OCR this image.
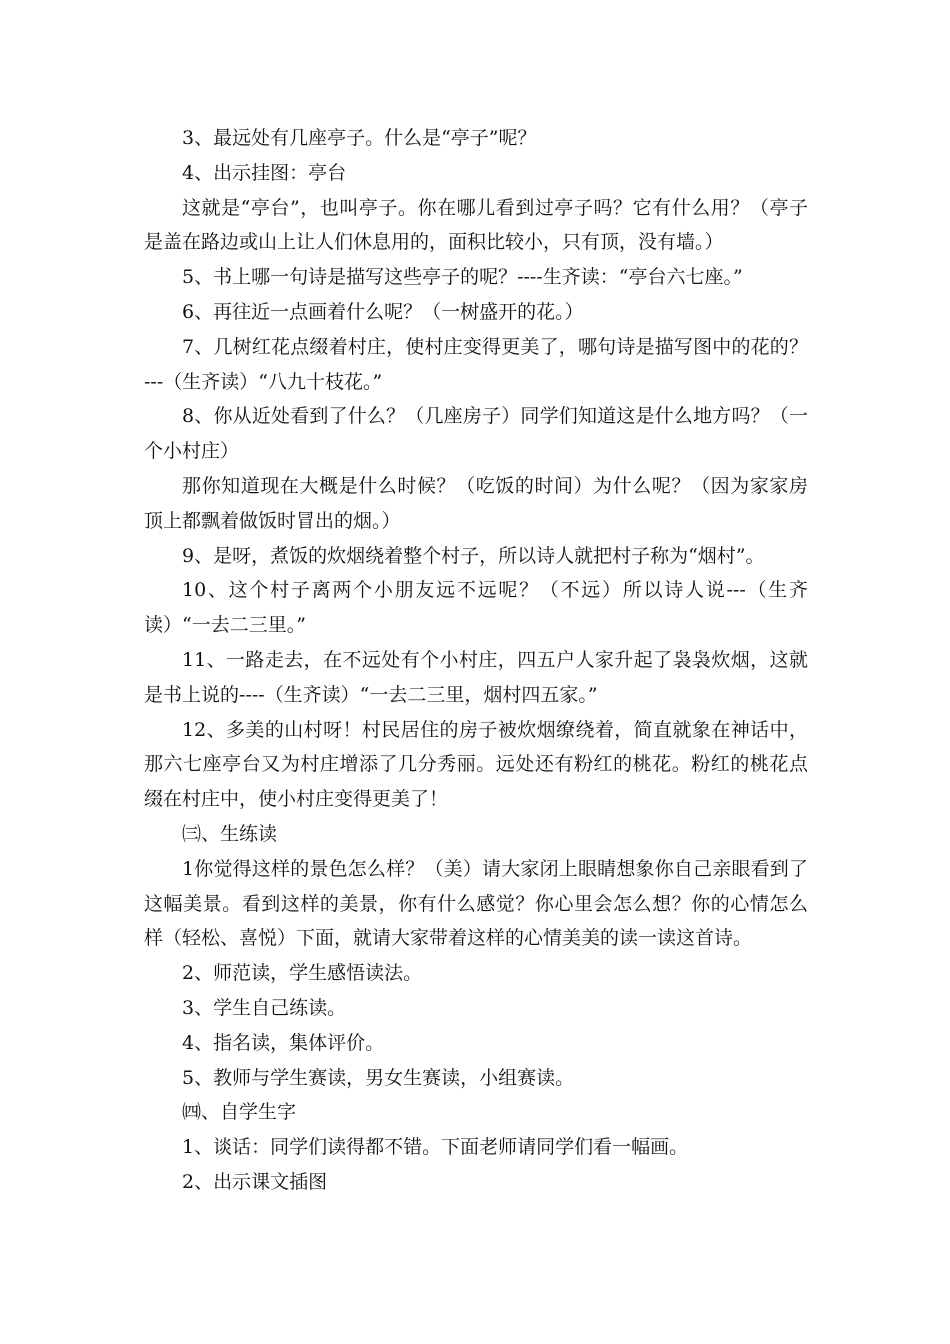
3、最远处有几座亭子。什么是“亭子”呢？

4、出示挂图：亭台

这就是“亭台”，也叫亭子。你在哪儿看到过亭子吗？它有什么用？（亭子是盖在路边或山上让人们休息用的，面积比较小，只有顶，没有墙。）

5、书上哪一句诗是描写这些亭子的呢？----生齐读：“亭台六七座。”

6、再往近一点画着什么呢？（一树盛开的花。）

7、几树红花点缀着村庄，使村庄变得更美了，哪句诗是描写图中的花的？---（生齐读）“八九十枝花。”

8、你从近处看到了什么？（几座房子）同学们知道这是什么地方吗？（一个小村庄）

那你知道现在大概是什么时候？（吃饭的时间）为什么呢？（因为家家房顶上都飘着做饭时冒出的烟。）

9、是呀，煮饭的炊烟绕着整个村子，所以诗人就把村子称为“烟村”。

10、这个村子离两个小朋友远不远呢？（不远）所以诗人说---（生齐读）“一去二三里。”

11、一路走去，在不远处有个小村庄，四五户人家升起了袅袅炊烟，这就是书上说的----（生齐读）“一去二三里，烟村四五家。”

12、多美的山村呀！村民居住的房子被炊烟缭绕着，简直就象在神话中，那六七座亭台又为村庄增添了几分秀丽。远处还有粉红的桃花。粉红的桃花点缀在村庄中，使小村庄变得更美了！

㈢、生练读

1你觉得这样的景色怎么样？（美）请大家闭上眼睛想象你自己亲眼看到了这幅美景。看到这样的美景，你有什么感觉？你心里会怎么想？你的心情怎么样（轻松、喜悦）下面，就请大家带着这样的心情美美的读一读这首诗。

2、师范读，学生感悟读法。

3、学生自己练读。

4、指名读，集体评价。

5、教师与学生赛读，男女生赛读，小组赛读。

㈣、自学生字

1、谈话：同学们读得都不错。下面老师请同学们看一幅画。

2、出示课文插图
